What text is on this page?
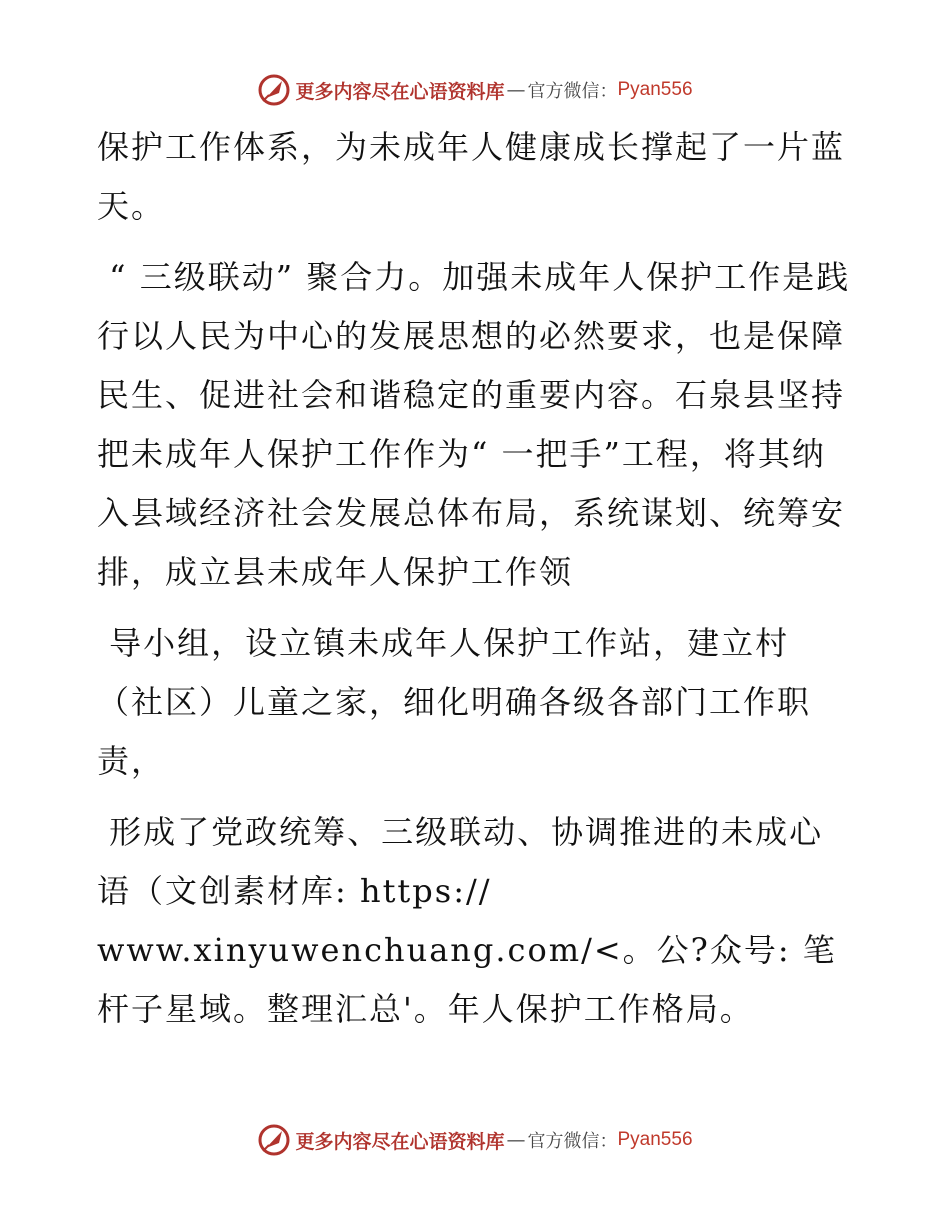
更多内容尽在心语资料库 — 官方微信： Pyan556

保护工作体系，为未成年人健康成长撑起了一片蓝天。

“ 三级联动” 聚合力。加强未成年人保护工作是践行以人民为中心的发展思想的必然要求，也是保障民生、促进社会和谐稳定的重要内容。石泉县坚持把未成年人保护工作作为“ 一把手”工程，将其纳入县域经济社会发展总体布局，系统谋划、统筹安排，成立县未成年人保护工作领

导小组，设立镇未成年人保护工作站，建立村（社区）儿童之家，细化明确各级各部门工作职责，

形成了党政统筹、三级联动、协调推进的未成心语（文创素材库: https://
www.xinyuwenchuang.com/<。公?众号: 笔杆子星域。整理汇总'。年人保护工作格局。

更多内容尽在心语资料库 — 官方微信： Pyan556
